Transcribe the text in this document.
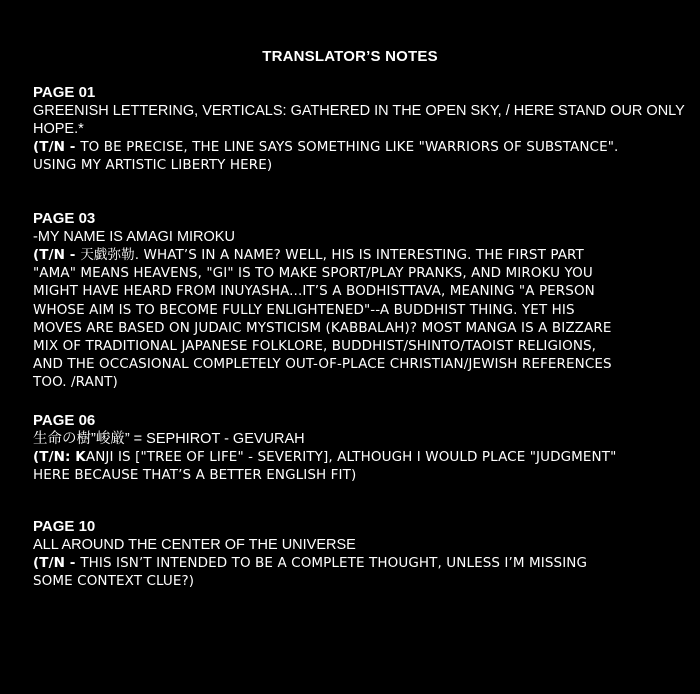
TRANSLATOR’S NOTES
PAGE 01
GREENISH LETTERING, VERTICALS: GATHERED IN THE OPEN SKY, / HERE STAND OUR ONLY
HOPE.*
(T/N - TO BE PRECISE, THE LINE SAYS SOMETHING LIKE "WARRIORS OF SUBSTANCE".
USING MY ARTISTIC LIBERTY HERE)
PAGE 03
-MY NAME IS AMAGI MIROKU
(T/N - 天戯弥勒. WHAT’S IN A NAME? WELL, HIS IS INTERESTING. THE FIRST PART
"AMA" MEANS HEAVENS, "GI" IS TO MAKE SPORT/PLAY PRANKS, AND MIROKU YOU
MIGHT HAVE HEARD FROM INUYASHA...IT’S A BODHISTTAVA, MEANING "A PERSON
WHOSE AIM IS TO BECOME FULLY ENLIGHTENED"--A BUDDHIST THING. YET HIS
MOVES ARE BASED ON JUDAIC MYSTICISM (KABBALAH)? MOST MANGA IS A BIZZARE
MIX OF TRADITIONAL JAPANESE FOLKLORE, BUDDHIST/SHINTO/TAOIST RELIGIONS,
AND THE OCCASIONAL COMPLETELY OUT-OF-PLACE CHRISTIAN/JEWISH REFERENCES
TOO. /RANT)
PAGE 06
生命の樹”峻厳” = SEPHIROT - GEVURAH
(T/N: KANJI IS ["TREE OF LIFE" - SEVERITY], ALTHOUGH I WOULD PLACE "JUDGMENT"
HERE BECAUSE THAT’S A BETTER ENGLISH FIT)
PAGE 10
ALL AROUND THE CENTER OF THE UNIVERSE
(T/N - THIS ISN’T INTENDED TO BE A COMPLETE THOUGHT, UNLESS I’M MISSING
SOME CONTEXT CLUE?)
